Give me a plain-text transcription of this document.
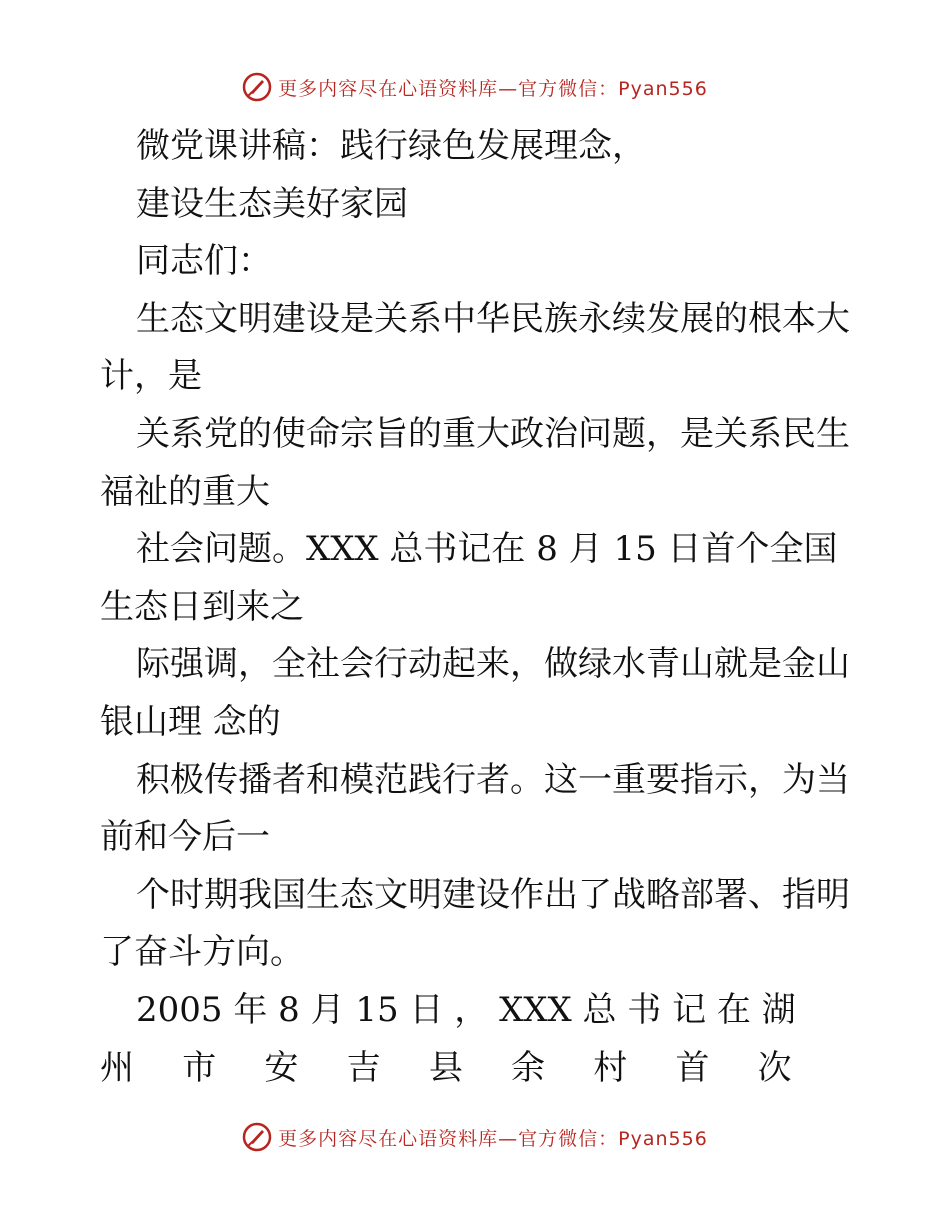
更多内容尽在心语资料库—官方微信：Pyan556
微党课讲稿：践行绿色发展理念，
建设生态美好家园
同志们：
生态文明建设是关系中华民族永续发展的根本大
计，是
关系党的使命宗旨的重大政治问题，是关系民生
福祉的重大
社会问题。XXX 总书记在 8 月 15 日首个全国
生态日到来之
际强调，全社会行动起来，做绿水青山就是金山
银山理 念的
积极传播者和模范践行者。这一重要指示，为当
前和今后一
个时期我国生态文明建设作出了战略部署、指明
了奋斗方向。
2005 年 8 月 15 日 ， XXX 总 书 记 在 湖
州 市 安 吉 县 余 村 首 次
更多内容尽在心语资料库—官方微信：Pyan556
